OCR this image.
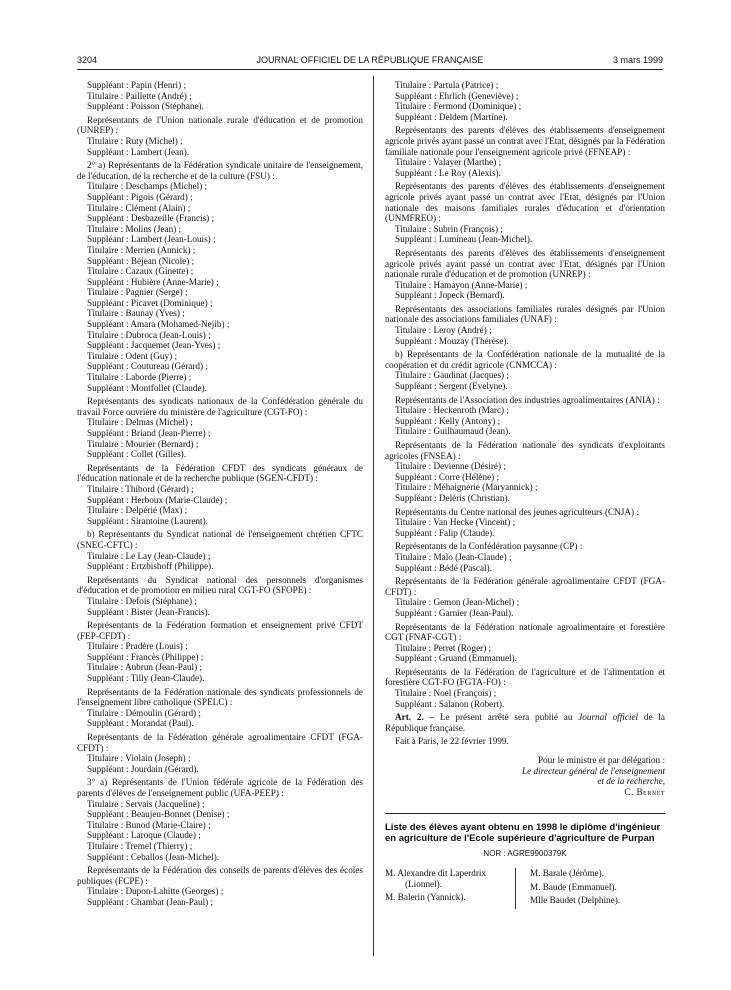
3204	JOURNAL OFFICIEL DE LA RÉPUBLIQUE FRANÇAISE	3 mars 1999

Suppléant : Papin (Henri) ;

Titulaire : Paillette (André) ;

Suppléant : Poisson (Stéphane).

Représentants de l'Union nationale rurale d'éducation et de promotion (UNREP) :

Titulaire : Ruty (Michel) ;

Suppléant : Lambert (Jean).

2° a) Représentants de la Fédération syndicale unitaire de l'enseignement, de l'éducation, de la recherche et de la culture (FSU) :

Titulaire : Deschamps (Michel) ;

Suppléant : Pigois (Gérard) ;

Titulaire : Clément (Alain) ;

Suppléant : Desbazeille (Francis) ;

Titulaire : Molins (Jean) ;

Suppléant : Lambert (Jean-Louis) ;

Titulaire : Merrien (Annick) ;

Suppléant : Béjean (Nicole) ;

Titulaire : Cazaux (Ginette) ;

Suppléant : Hubière (Anne-Marie) ;

Titulaire : Pagnier (Serge) ;

Suppléant : Picavet (Dominique) ;

Titulaire : Baunay (Yves) ;

Suppléant : Amara (Mohamed-Nejib) ;

Titulaire : Dubroca (Jean-Louis) ;

Suppléant : Jacquemet (Jean-Yves) ;

Titulaire : Odent (Guy) ;

Suppléant : Coutureau (Gérard) ;

Titulaire : Laborde (Pierre) ;

Suppléant : Montfollet (Claude).

Représentants des syndicats nationaux de la Confédération générale du travail Force ouvrière du ministère de l'agriculture (CGT-FO) :

Titulaire : Delmas (Michel) ;

Suppléant : Briand (Jean-Pierre) ;

Titulaire : Mourier (Bernard) ;

Suppléant : Collet (Gilles).

Représentants de la Fédération CFDT des syndicats généraux de l'éducation nationale et de la recherche publique (SGEN-CFDT) :

Titulaire : Thibord (Gérard) ;

Suppléant : Herboux (Marie-Claude) ;

Titulaire : Delpérié (Max) ;

Suppléant : Sirantoine (Laurent).

b) Représentants du Syndicat national de l'enseignement chrétien CFTC (SNEC-CFTC) :

Titulaire : Le Lay (Jean-Claude) ;

Suppléant : Ertzbishoff (Philippe).

Représentants du Syndicat national des personnels d'organismes d'éducation et de promotion en milieu rural CGT-FO (SFOPE) :

Titulaire : Defois (Stéphane) ;

Suppléant : Bister (Jean-Francis).

Représentants de la Fédération formation et enseignement privé CFDT (FEP-CFDT) :

Titulaire : Pradère (Louis) ;

Suppléant : Francès (Philippe) ;

Titulaire : Aubrun (Jean-Paul) ;

Suppléant : Tilly (Jean-Claude).

Représentants de la Fédération nationale des syndicats professionnels de l'enseignement libre catholique (SPELC) :

Titulaire : Démoulin (Gérard) ;

Suppléant : Morandat (Paul).

Représentants de la Fédération générale agroalimentaire CFDT (FGA-CFDT) :

Titulaire : Violain (Joseph) ;

Suppléant : Jourdain (Gérard).

3° a) Représentants de l'Union fédérale agricole de la Fédération des parents d'élèves de l'enseignement public (UFA-PEEP) :

Titulaire : Servais (Jacqueline) ;

Suppléant : Beaujeu-Bonnet (Denise) ;

Titulaire : Bunod (Marie-Claire) ;

Suppléant : Laroque (Claude) ;

Titulaire : Tremel (Thierry) ;

Suppléant : Ceballos (Jean-Michel).

Représentants de la Fédération des conseils de parents d'élèves des écoles publiques (FCPE) :

Titulaire : Dupon-Lahitte (Georges) ;

Suppléant : Chambat (Jean-Paul) ;

Titulaire : Partula (Patrice) ;

Suppléant : Ehrlich (Geneviève) ;

Titulaire : Fermond (Dominique) ;

Suppléant : Deldem (Martine).

Représentants des parents d'élèves des établissements d'enseignement agricole privés ayant passé un contrat avec l'Etat, désignés par la Fédération familiale nationale pour l'enseignement agricole privé (FFNEAP) :

Titulaire : Valayer (Marthe) ;

Suppléant : Le Roy (Alexis).

Représentants des parents d'élèves des établissements d'enseignement agricole privés ayant passé un contrat avec l'Etat, désignés par l'Union nationale des maisons familiales rurales d'éducation et d'orientation (UNMFREO) :

Titulaire : Subrin (François) ;

Suppléant : Lumineau (Jean-Michel).

Représentants des parents d'élèves des établissements d'enseignement agricole privés ayant passé un contrat avec l'Etat, désignés par l'Union nationale rurale d'éducation et de promotion (UNREP) :

Titulaire : Hamayon (Anne-Marie) ;

Suppléant : Jopeck (Bernard).

Représentants des associations familiales rurales désignés par l'Union nationale des associations familiales (UNAF) :

Titulaire : Leroy (André) ;

Suppléant : Mouzay (Thérèse).

b) Représentants de la Confédération nationale de la mutualité de la coopération et du crédit agricole (CNMCCA) :

Titulaire : Gaudinat (Jacques) ;

Suppléant : Sergent (Evelyne).

Représentants de l'Association des industries agroalimentaires (ANIA) :

Titulaire : Heckenroth (Marc) ;

Suppléant : Kelly (Antony) ;

Titulaire : Guilhaumaud (Jean).

Représentants de la Fédération nationale des syndicats d'exploitants agricoles (FNSEA) :

Titulaire : Devienne (Désiré) ;

Suppléant : Corre (Hélène) ;

Titulaire : Méhaignerie (Maryannick) ;

Suppléant : Deléris (Christian).

Représentants du Centre national des jeunes agriculteurs (CNJA) :

Titulaire : Van Hecke (Vincent) ;

Suppléant : Falip (Claude).

Représentants de la Confédération paysanne (CP) :

Titulaire : Malo (Jean-Claude) ;

Suppléant : Bédé (Pascal).

Représentants de la Fédération générale agroalimentaire CFDT (FGA-CFDT) :

Titulaire : Gemon (Jean-Michel) ;

Suppléant : Garnier (Jean-Paul).

Représentants de la Fédération nationale agroalimentaire et forestière CGT (FNAF-CGT) :

Titulaire : Perret (Roger) ;

Suppléant : Gruand (Emmanuel).

Représentants de la Fédération de l'agriculture et de l'alimentation et forestière CGT-FO (FGTA-FO) :

Titulaire : Noel (François) ;

Suppléant : Salanon (Robert).

Art. 2. – Le présent arrêté sera publié au Journal officiel de la République française.

Fait à Paris, le 22 février 1999.

Pour le ministre et par délégation :
Le directeur général de l'enseignement
et de la recherche,
C. Bernet
Liste des élèves ayant obtenu en 1998 le diplôme d'ingénieur en agriculture de l'Ecole supérieure d'agriculture de Purpan
NOR : AGRE9900379K

M. Alexandre dit Laperdrix
(Lionnel).

M. Balerin (Yannick).

M. Barale (Jérôme).

M. Baude (Emmanuel).

Mlle Baudet (Delphine).
